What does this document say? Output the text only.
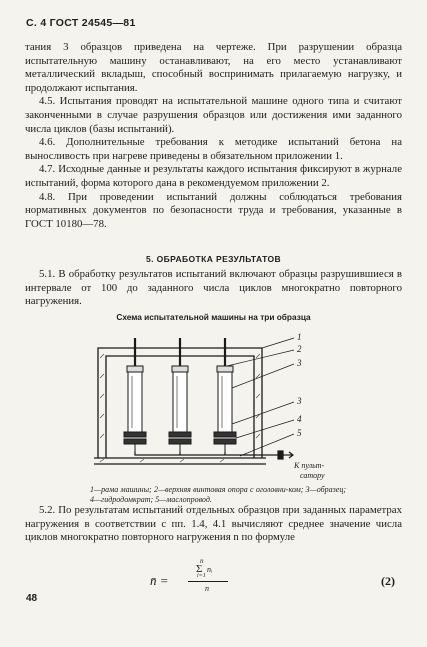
С. 4 ГОСТ 24545—81

тания 3 образцов приведена на чертеже. При разрушении образца испытательную машину останавливают, на его место устанавливают металлический вкладыш, способный воспринимать прилагаемую нагрузку, и продолжают испытания.

4.5. Испытания проводят на испытательной машине одного типа и считают законченными в случае разрушения образцов или достижения ими заданного числа циклов (базы испытаний).

4.6. Дополнительные требования к методике испытаний бетона на выносливость при нагреве приведены в обязательном приложении 1.

4.7. Исходные данные и результаты каждого испытания фиксируют в журнале испытаний, форма которого дана в рекомендуемом приложении 2.

4.8. При проведении испытаний должны соблюдаться требования нормативных документов по безопасности труда и требования, указанные в ГОСТ 10180—78.

5. ОБРАБОТКА РЕЗУЛЬТАТОВ

5.1. В обработку результатов испытаний включают образцы разрушившиеся в интервале от 100 до заданного числа циклов многократно повторного нагружения.

Схема испытательной машины на три образца
1
2
3
3
4
5
К пульт-
сатору
1—рама машины; 2—верхняя винтовая опора с оголовни-ком; 3—образец; 4—гидродомкрат; 5—маслопровод.

5.2. По результатам испытаний отдельных образцов при заданных параметрах нагружения в соответствии с пп. 1.4, 4.1 вычисляют среднее значение числа циклов многократно повторного нагружения n по формуле

n̄ =
n
Σ nᵢ
i=1
n
(2)
48
